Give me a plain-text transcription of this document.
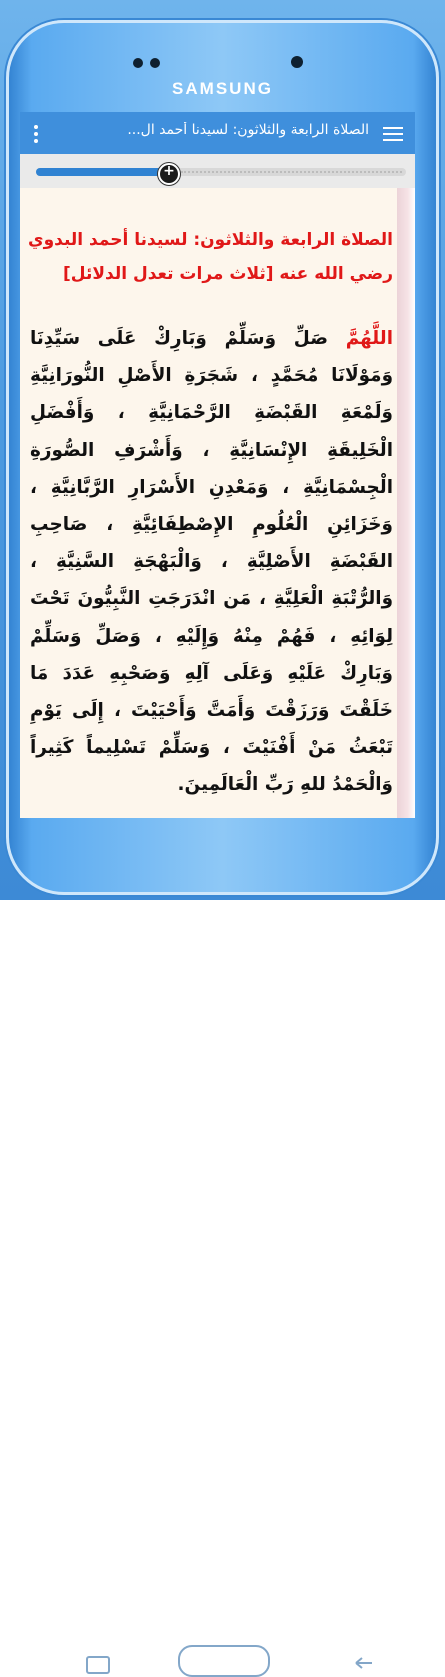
SAMSUNG
الصلاة الرابعة والثلاثون: لسيدنا أحمد ال...
+
الصلاة الرابعة والثلاثون: لسيدنا أحمد البدوي رضي الله عنه [ثلاث مرات تعدل الدلائل]
اللَّهُمَّ صَلِّ وَسَلِّمْ وَبَارِكْ عَلَى سَيِّدِنَا وَمَوْلَانَا مُحَمَّدٍ ، شَجَرَةِ الأَصْلِ النُّورَانِيَّةِ وَلَمْعَةِ القَبْضَةِ الرَّحْمَانِيَّةِ ، وَأَفْضَلِ الْخَلِيقَةِ الإِنْسَانِيَّةِ ، وَأَشْرَفِ الصُّورَةِ الْجِسْمَانِيَّةِ ، وَمَعْدِنِ الأَسْرَارِ الرَّبَّانِيَّةِ ، وَخَزَائِنِ الْعُلُومِ الإِصْطِفَائِيَّةِ ، صَاحِبِ القَبْضَةِ الأَصْلِيَّةِ ، وَالْبَهْجَةِ السَّنِيَّةِ ، وَالرُّتْبَةِ الْعَلِيَّةِ ، مَن انْدَرَجَتِ النَّبِيُّونَ تَحْتَ لِوَائِهِ ، فَهُمْ مِنْهُ وَإِلَيْهِ ، وَصَلِّ وَسَلِّمْ وَبَارِكْ عَلَيْهِ وَعَلَى آلِهِ وَصَحْبِهِ عَدَدَ مَا خَلَقْتَ وَرَزَقْتَ وَأَمَتَّ وَأَحْيَيْتَ ، إِلَى يَوْمِ تَبْعَثُ مَنْ أَفْنَيْتَ ، وَسَلِّمْ تَسْلِيماً كَثِيراً وَالْحَمْدُ للهِ رَبِّ الْعَالَمِينَ.
